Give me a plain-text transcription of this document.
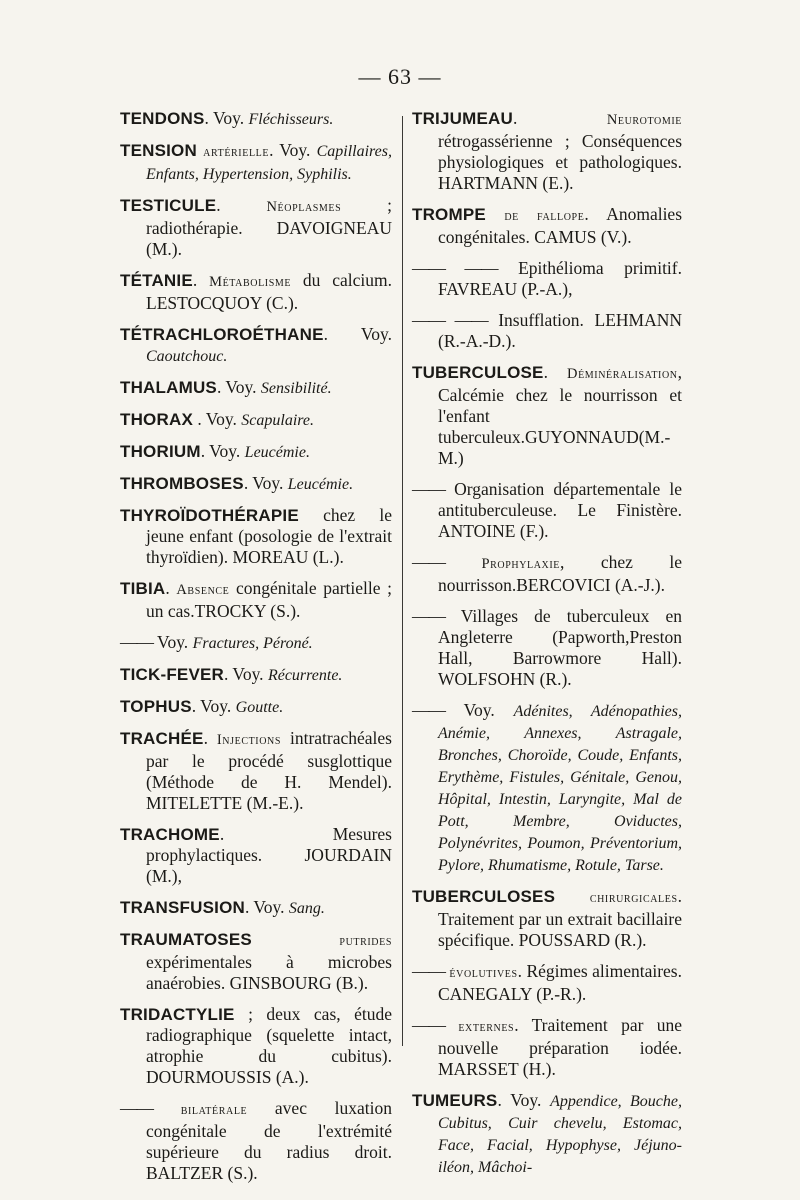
— 63 —

TENDONS. Voy. Fléchisseurs.

TENSION artérielle. Voy. Capillaires, Enfants, Hypertension, Syphilis.

TESTICULE. Néoplasmes ; radiothérapie. DAVOIGNEAU (M.).

TÉTANIE. Métabolisme du calcium. LESTOCQUOY (C.).

TÉTRACHLOROÉTHANE. Voy. Caoutchouc.

THALAMUS. Voy. Sensibilité.

THORAX . Voy. Scapulaire.

THORIUM. Voy. Leucémie.

THROMBOSES. Voy. Leucémie.

THYROÏDOTHÉRAPIE chez le jeune enfant (posologie de l'extrait thyroïdien). MOREAU (L.).

TIBIA. Absence congénitale partielle ; un cas.TROCKY (S.).

—— Voy. Fractures, Péroné.

TICK-FEVER. Voy. Récurrente.

TOPHUS. Voy. Goutte.

TRACHÉE. Injections intratrachéales par le procédé susglottique (Méthode de H. Mendel). MITELETTE (M.-E.).

TRACHOME. Mesures prophylactiques. JOURDAIN (M.),

TRANSFUSION. Voy. Sang.

TRAUMATOSES	putrides expérimentales à microbes anaérobies. GINSBOURG (B.).

TRIDACTYLIE ; deux cas, étude radiographique (squelette intact, atrophie du cubitus). DOURMOUSSIS (A.).

—— bilatérale avec luxation congénitale de l'extrémité supérieure du radius droit. BALTZER (S.).

TRIJUMEAU. Neurotomie rétrogassérienne ; Conséquences physiologiques et pathologiques. HARTMANN (E.).

TROMPE de fallope. Anomalies congénitales. CAMUS (V.).

—— —— Epithélioma primitif. FAVREAU (P.-A.),

—— —— Insufflation. LEHMANN (R.-A.-D.).

TUBERCULOSE. Déminéralisation, Calcémie chez le nourrisson et l'enfant tuberculeux.GUYONNAUD(M.-M.)

—— Organisation départementale le antituberculeuse. Le Finistère. ANTOINE (F.).

——	Prophylaxie, chez le nourrisson.BERCOVICI (A.-J.).

—— Villages de tuberculeux en Angleterre (Papworth,Preston Hall, Barrowmore Hall). WOLFSOHN (R.).

—— Voy. Adénites, Adénopathies, Anémie, Annexes, Astragale, Bronches, Choroïde, Coude, Enfants, Erythème, Fistules, Génitale, Genou, Hôpital, Intestin, Laryngite, Mal de Pott, Membre, Oviductes, Polynévrites, Poumon, Préventorium, Pylore, Rhumatisme, Rotule, Tarse.

TUBERCULOSES chirurgicales. Traitement par un extrait bacillaire spécifique. POUSSARD (R.).

—— évolutives. Régimes alimentaires. CANEGALY (P.-R.).

—— externes. Traitement par une nouvelle préparation iodée. MARSSET (H.).

TUMEURS. Voy. Appendice, Bouche, Cubitus, Cuir chevelu, Estomac, Face, Facial, Hypophyse, Jéjuno-iléon, Mâchoi-
